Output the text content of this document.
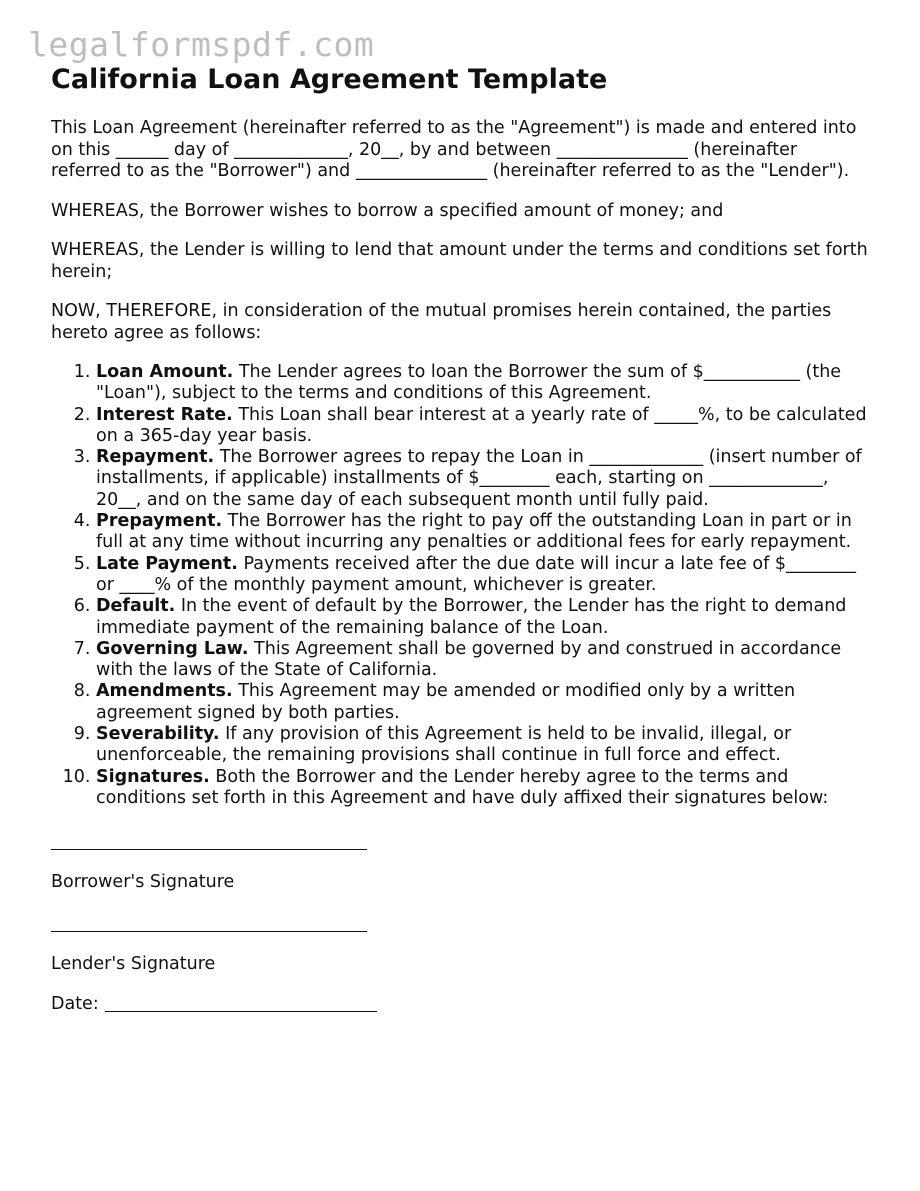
legalformspdf.com
California Loan Agreement Template

This Loan Agreement (hereinafter referred to as the "Agreement") is made and entered into on this ______ day of _____________, 20__, by and between _______________ (hereinafter referred to as the "Borrower") and _______________ (hereinafter referred to as the "Lender").

WHEREAS, the Borrower wishes to borrow a specified amount of money; and

WHEREAS, the Lender is willing to lend that amount under the terms and conditions set forth herein;

NOW, THEREFORE, in consideration of the mutual promises herein contained, the parties hereto agree as follows:

1. Loan Amount. The Lender agrees to loan the Borrower the sum of $___________ (the "Loan"), subject to the terms and conditions of this Agreement.
2. Interest Rate. This Loan shall bear interest at a yearly rate of _____%, to be calculated on a 365-day year basis.
3. Repayment. The Borrower agrees to repay the Loan in _____________ (insert number of installments, if applicable) installments of $________ each, starting on _____________, 20__, and on the same day of each subsequent month until fully paid.
4. Prepayment. The Borrower has the right to pay off the outstanding Loan in part or in full at any time without incurring any penalties or additional fees for early repayment.
5. Late Payment. Payments received after the due date will incur a late fee of $________ or ____% of the monthly payment amount, whichever is greater.
6. Default. In the event of default by the Borrower, the Lender has the right to demand immediate payment of the remaining balance of the Loan.
7. Governing Law. This Agreement shall be governed by and construed in accordance with the laws of the State of California.
8. Amendments. This Agreement may be amended or modified only by a written agreement signed by both parties.
9. Severability. If any provision of this Agreement is held to be invalid, illegal, or unenforceable, the remaining provisions shall continue in full force and effect.
10. Signatures. Both the Borrower and the Lender hereby agree to the terms and conditions set forth in this Agreement and have duly affixed their signatures below:
Borrower's Signature
Lender's Signature
Date:
